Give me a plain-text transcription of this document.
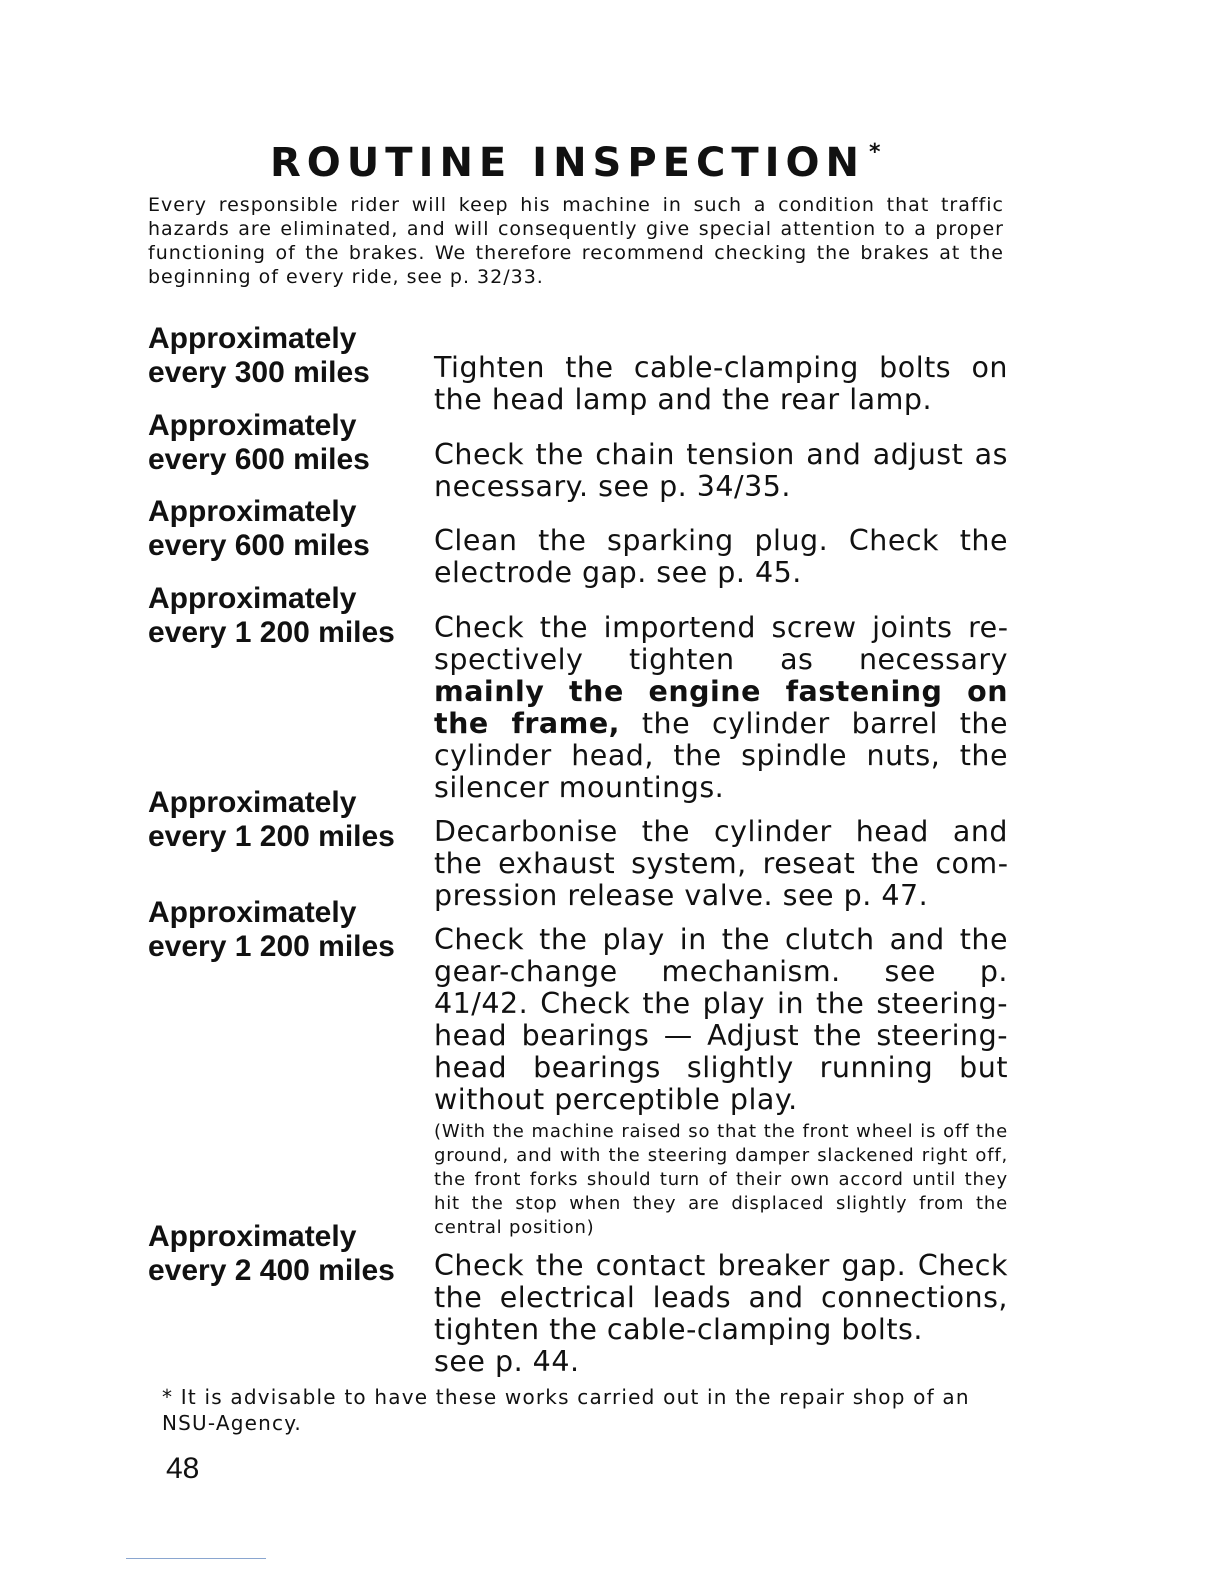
ROUTINE INSPECTION *

Every responsible rider will keep his machine in such a condition that traffic hazards are eliminated, and will consequently give special attention to a proper functioning of the brakes. We therefore recommend checking the brakes at the beginning of every ride, see p. 32/33.

Approximately
every 300 miles	Tighten the cable-clamping bolts on the head lamp and the rear lamp.

Approximately
every 600 miles	Check the chain tension and adjust as necessary. see p. 34/35.

Approximately
every 600 miles	Clean the sparking plug. Check the electrode gap. see p. 45.

Approximately
every 1 200 miles	Check the importend screw joints respectively tighten as necessary mainly the engine fastening on the frame, the cylinder barrel the cylinder head, the spindle nuts, the silencer mountings.

Approximately
every 1 200 miles	Decarbonise the cylinder head and the exhaust system, reseat the compression release valve. see p. 47.

Approximately
every 1 200 miles	Check the play in the clutch and the gear-change mechanism. see p. 41/42. Check the play in the steering-head bearings — Adjust the steering-head bearings slightly running but without perceptible play.
(With the machine raised so that the front wheel is off the ground, and with the steering damper slackened right off, the front forks should turn of their own accord until they hit the stop when they are displaced slightly from the central position)
Approximately
every 2 400 miles	Check the contact breaker gap. Check the electrical leads and connections, tighten the cable-clamping bolts.
see p. 44.

* It is advisable to have these works carried out in the repair shop of an NSU-Agency.

48
